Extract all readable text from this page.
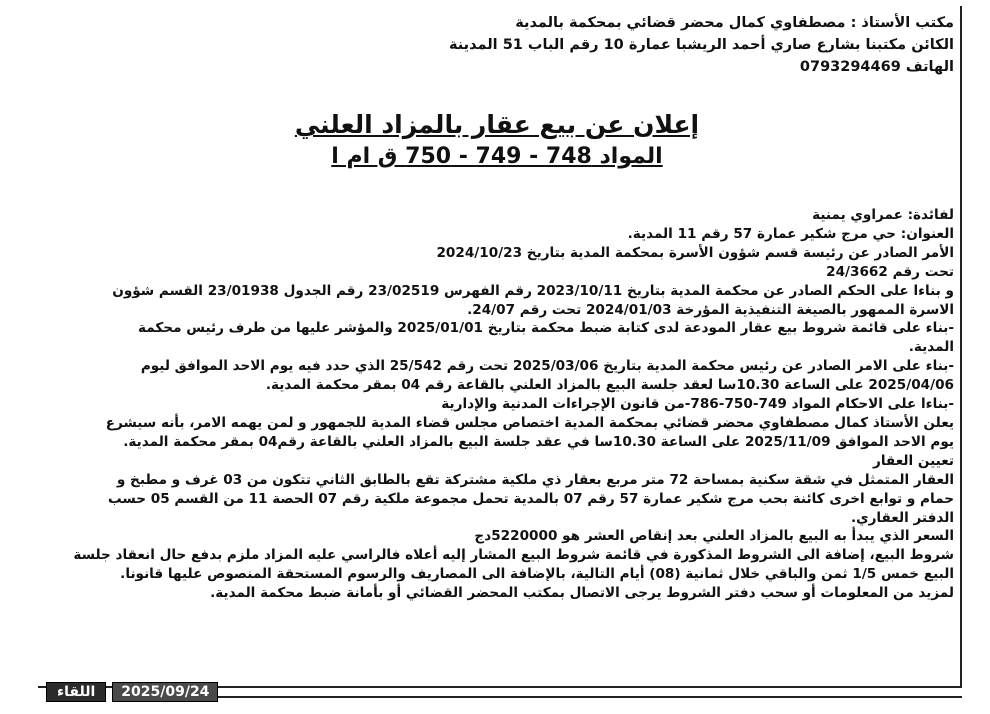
مكتب الأستاذ : مصطفاوي كمال محضر قضائي بمحكمة بالمدية
الكائن مكتبنا بشارع صاري أحمد الريشبا عمارة 10 رقم الباب 51 المدينة
الهاتف 0793294469
إعلان عن بيع عقار بالمزاد العلني
المواد 748 - 749 - 750 ق ام ا
لفائدة: عمراوي يمنية
العنوان: حي مرج شكير عمارة 57 رقم 11 المدية.
الأمر الصادر عن رئيسة قسم شؤون الأسرة بمحكمة المدية بتاريخ 2024/10/23
تحت رقم 24/3662
و بناءا على الحكم الصادر عن محكمة المدية بتاريخ 2023/10/11 رقم الفهرس 23/02519 رقم الجدول 23/01938 القسم شؤون
الاسرة الممهور بالصيغة التنفيذية المؤرخة 2024/01/03 تحت رقم 24/07.
-بناء على قائمة شروط بيع عقار المودعة لدى كتابة ضبط محكمة بتاريخ 2025/01/01 والمؤشر عليها من طرف رئيس محكمة
المدية.
-بناء على الامر الصادر عن رئيس محكمة المدية بتاريخ 2025/03/06 تحت رقم 25/542 الذي حدد فيه يوم الاحد الموافق ليوم
2025/04/06 على الساعة 10.30سا لعقد جلسة البيع بالمزاد العلني بالقاعة رقم 04 بمقر محكمة المدية.
-بناءا على الاحكام المواد 749-750-786-من قانون الإجراءات المدنية والإدارية
يعلن الأستاذ كمال مصطفاوي محضر قضائي بمحكمة المدية اختصاص مجلس قضاء المدية للجمهور و لمن يهمه الامر، بأنه سيشرع
يوم الاحد الموافق 2025/11/09 على الساعة 10.30سا في عقد جلسة البيع بالمزاد العلني بالقاعة رقم04 بمقر محكمة المدية.
تعيين العقار
العقار المتمثل في شقة سكنية بمساحة 72 متر مربع بعقار ذي ملكية مشتركة تقع بالطابق الثاني تتكون من 03 غرف و مطبخ و
حمام و توابع اخرى كائنة بحب مرج شكير عمارة 57 رقم 07 بالمدية تحمل مجموعة ملكية رقم 07 الحصة 11 من القسم 05 حسب
الدفتر العقاري.
السعر الذي يبدأ به البيع بالمزاد العلني بعد إنقاص العشر هو 5220000دج
شروط البيع، إضافة الى الشروط المذكورة في قائمة شروط البيع المشار إليه أعلاه فالراسي عليه المزاد ملزم بدفع حال انعقاد جلسة
البيع خمس 1/5 ثمن والباقي خلال ثمانية (08) أيام التالية، بالإضافة الى المصاريف والرسوم المستحقة المنصوص عليها قانونا.
لمزيد من المعلومات أو سحب دفتر الشروط يرجى الاتصال بمكتب المحضر القضائي أو بأمانة ضبط محكمة المدية.
اللقاء	2025/09/24
